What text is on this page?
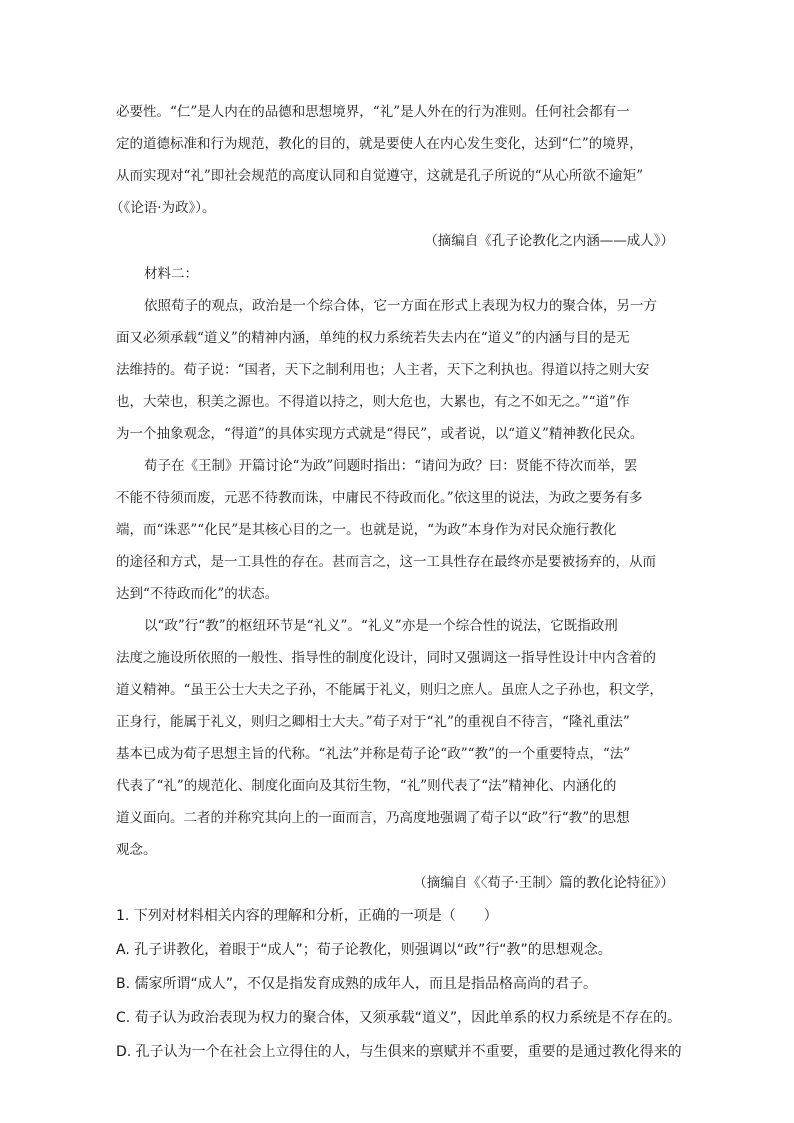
必要性。“仁”是人内在的品德和思想境界，“礼”是人外在的行为准则。任何社会都有一
定的道德标准和行为规范，教化的目的，就是要使人在内心发生变化，达到“仁”的境界，
从而实现对“礼”即社会规范的高度认同和自觉遵守，这就是孔子所说的“从心所欲不逾矩”
（《论语·为政》）。
（摘编自《孔子论教化之内涵——成人》）
材料二：
依照荀子的观点，政治是一个综合体，它一方面在形式上表现为权力的聚合体，另一方
面又必须承载“道义”的精神内涵，单纯的权力系统若失去内在“道义”的内涵与目的是无
法维持的。荀子说：“国者，天下之制利用也；人主者，天下之利执也。得道以持之则大安
也，大荣也，积美之源也。不得道以持之，则大危也，大累也，有之不如无之。”“道”作
为一个抽象观念，“得道”的具体实现方式就是“得民”，或者说，以“道义”精神教化民众。
荀子在《王制》开篇讨论“为政”问题时指出：“请问为政？曰：贤能不待次而举，罢
不能不待须而废，元恶不待教而诛，中庸民不待政而化。”依这里的说法，为政之要务有多
端，而“诛恶”“化民”是其核心目的之一。也就是说，“为政”本身作为对民众施行教化
的途径和方式，是一工具性的存在。甚而言之，这一工具性存在最终亦是要被扬弃的，从而
达到“不待政而化”的状态。
以“政”行“教”的枢纽环节是“礼义”。“礼义”亦是一个综合性的说法，它既指政刑
法度之施设所依照的一般性、指导性的制度化设计，同时又强调这一指导性设计中内含着的
道义精神。“虽王公士大夫之子孙，不能属于礼义，则归之庶人。虽庶人之子孙也，积文学，
正身行，能属于礼义，则归之卿相士大夫。”荀子对于“礼”的重视自不待言，“隆礼重法”
基本已成为荀子思想主旨的代称。“礼法”并称是荀子论“政”“教”的一个重要特点，“法”
代表了“礼”的规范化、制度化面向及其衍生物，“礼”则代表了“法”精神化、内涵化的
道义面向。二者的并称究其向上的一面而言，乃高度地强调了荀子以“政”行“教”的思想
观念。
（摘编自《〈荀子·王制〉篇的教化论特征》）
1. 下列对材料相关内容的理解和分析，正确的一项是（　　）
A. 孔子讲教化，着眼于“成人”；荀子论教化，则强调以“政”行“教”的思想观念。
B. 儒家所谓“成人”，不仅是指发育成熟的成年人，而且是指品格高尚的君子。
C. 荀子认为政治表现为权力的聚合体，又须承载“道义”，因此单系的权力系统是不存在的。
D. 孔子认为一个在社会上立得住的人，与生俱来的禀赋并不重要，重要的是通过教化得来的
